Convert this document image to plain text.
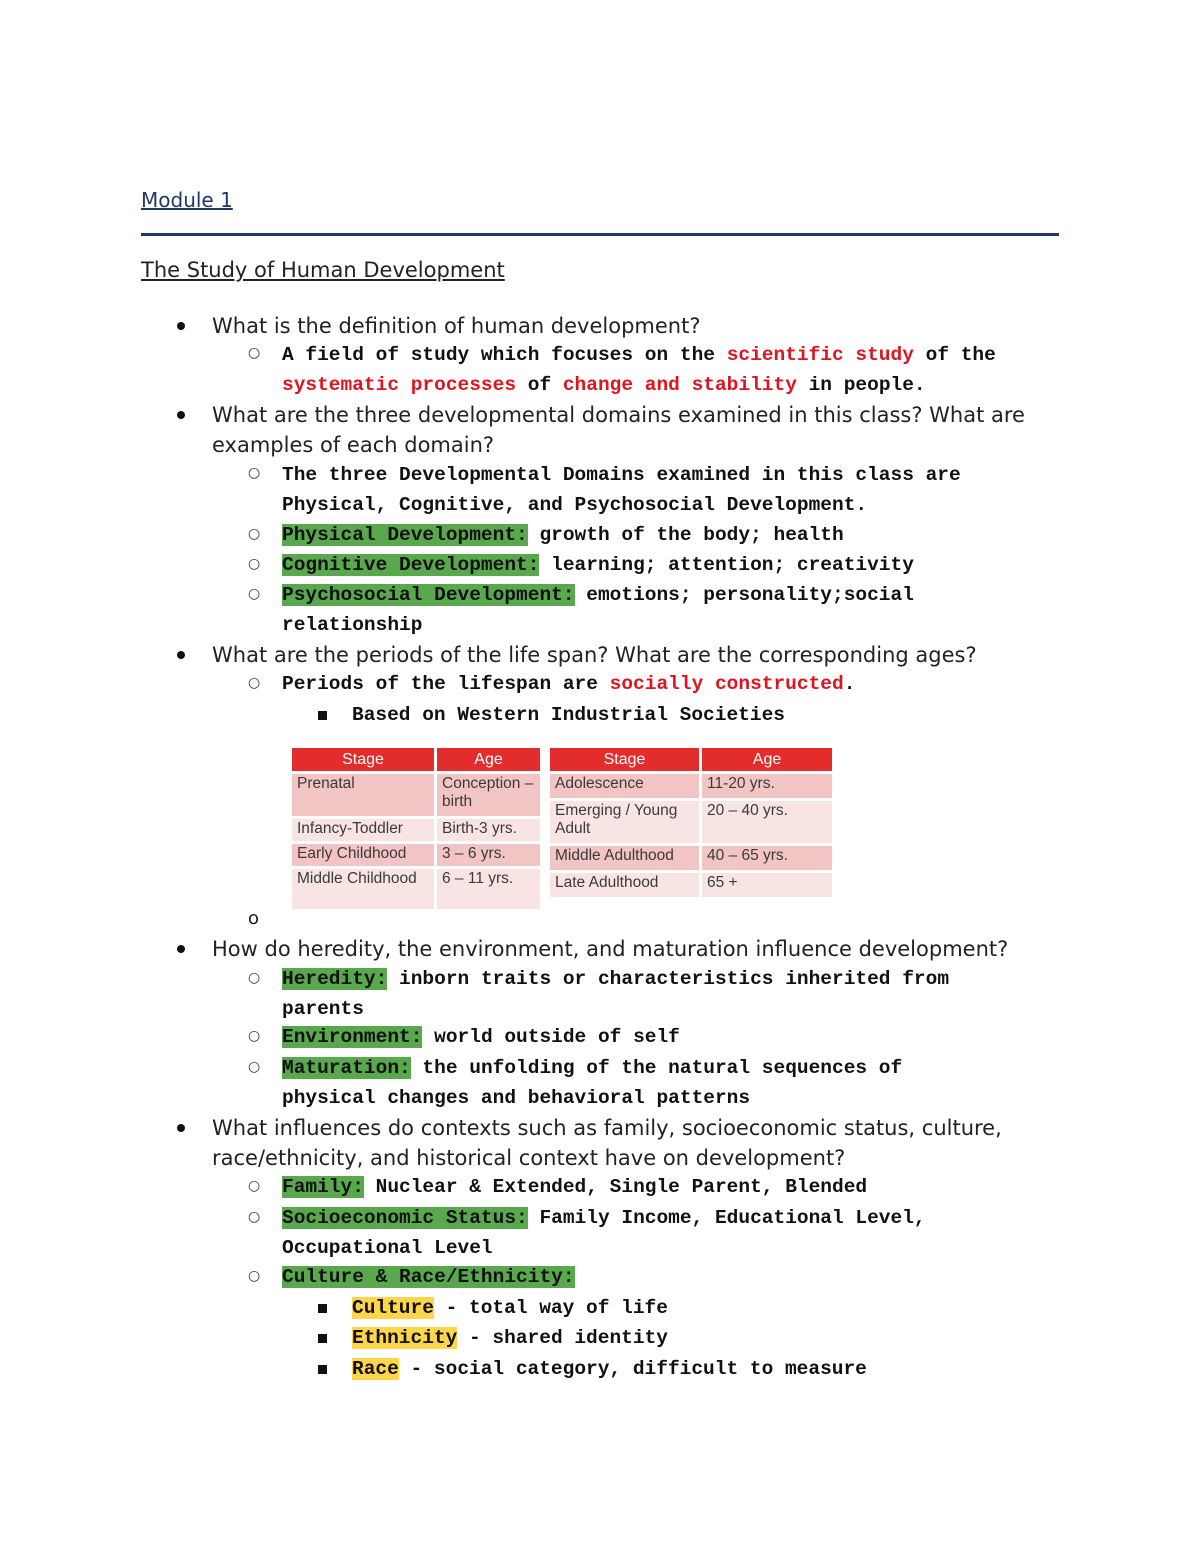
Module 1
The Study of Human Development
What is the definition of human development?
○ A field of study which focuses on the scientific study of the systematic processes of change and stability in people.
What are the three developmental domains examined in this class? What are examples of each domain?
○ The three Developmental Domains examined in this class are Physical, Cognitive, and Psychosocial Development.
○ Physical Development: growth of the body; health
○ Cognitive Development: learning; attention; creativity
○ Psychosocial Development: emotions; personality;social relationship
What are the periods of the life span? What are the corresponding ages?
○ Periods of the lifespan are socially constructed.
Based on Western Industrial Societies
Stage	Age
Prenatal	Conception – birth
Infancy-Toddler	Birth-3 yrs.
Early Childhood	3 – 6 yrs.
Middle Childhood	6 – 11 yrs.
Stage	Age
Adolescence	11-20 yrs.
Emerging / Young Adult	20 – 40 yrs.
Middle Adulthood	40 – 65 yrs.
Late Adulthood	65 +
o
How do heredity, the environment, and maturation influence development?
○ Heredity: inborn traits or characteristics inherited from parents
○ Environment: world outside of self
○ Maturation: the unfolding of the natural sequences of physical changes and behavioral patterns
What influences do contexts such as family, socioeconomic status, culture, race/ethnicity, and historical context have on development?
○ Family: Nuclear & Extended, Single Parent, Blended
○ Socioeconomic Status: Family Income, Educational Level, Occupational Level
○ Culture & Race/Ethnicity:
Culture - total way of life
Ethnicity - shared identity
Race - social category, difficult to measure
